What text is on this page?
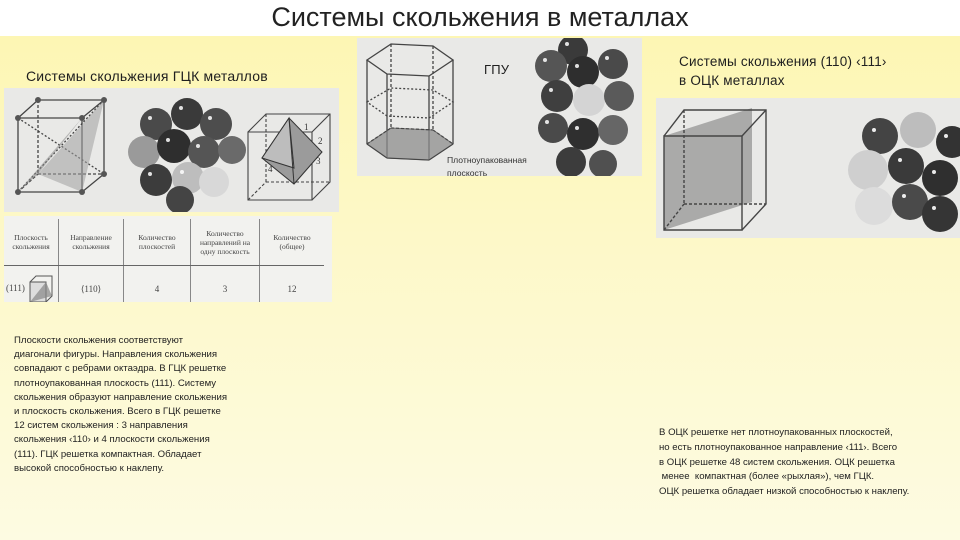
Системы скольжения в металлах
Системы скольжения ГЦК металлов
1
2
3
4
Плоскость скольжения	Направление скольжения	Количество плоскостей	Количество направлений на одну плоскость	Количество (общее)
(111)	⟨110⟩	4	3	12
Плоскости скольжения соответствуют
диагонали фигуры. Направления скольжения
совпадают с ребрами октаэдра. В ГЦК решетке
плотноупакованная плоскость (111). Систему
скольжения образуют направление скольжения
и плоскость скольжения. Всего в ГЦК решетке
12 систем скольжения : 3 направления
скольжения ‹110› и 4 плоскости скольжения
(111). ГЦК решетка компактная. Обладает
высокой способностью к наклепу.
ГПУ
Плотноупакованная
плоскость
Системы скольжения (110) ‹111›
в ОЦК металлах
В ОЦК решетке нет плотноупакованных плоскостей,
но есть плотноупакованное направление ‹111›. Всего
в ОЦК решетке 48 систем скольжения. ОЦК решетка
менее  компактная (более «рыхлая»), чем ГЦК.
ОЦК решетка обладает низкой способностью к наклепу.
